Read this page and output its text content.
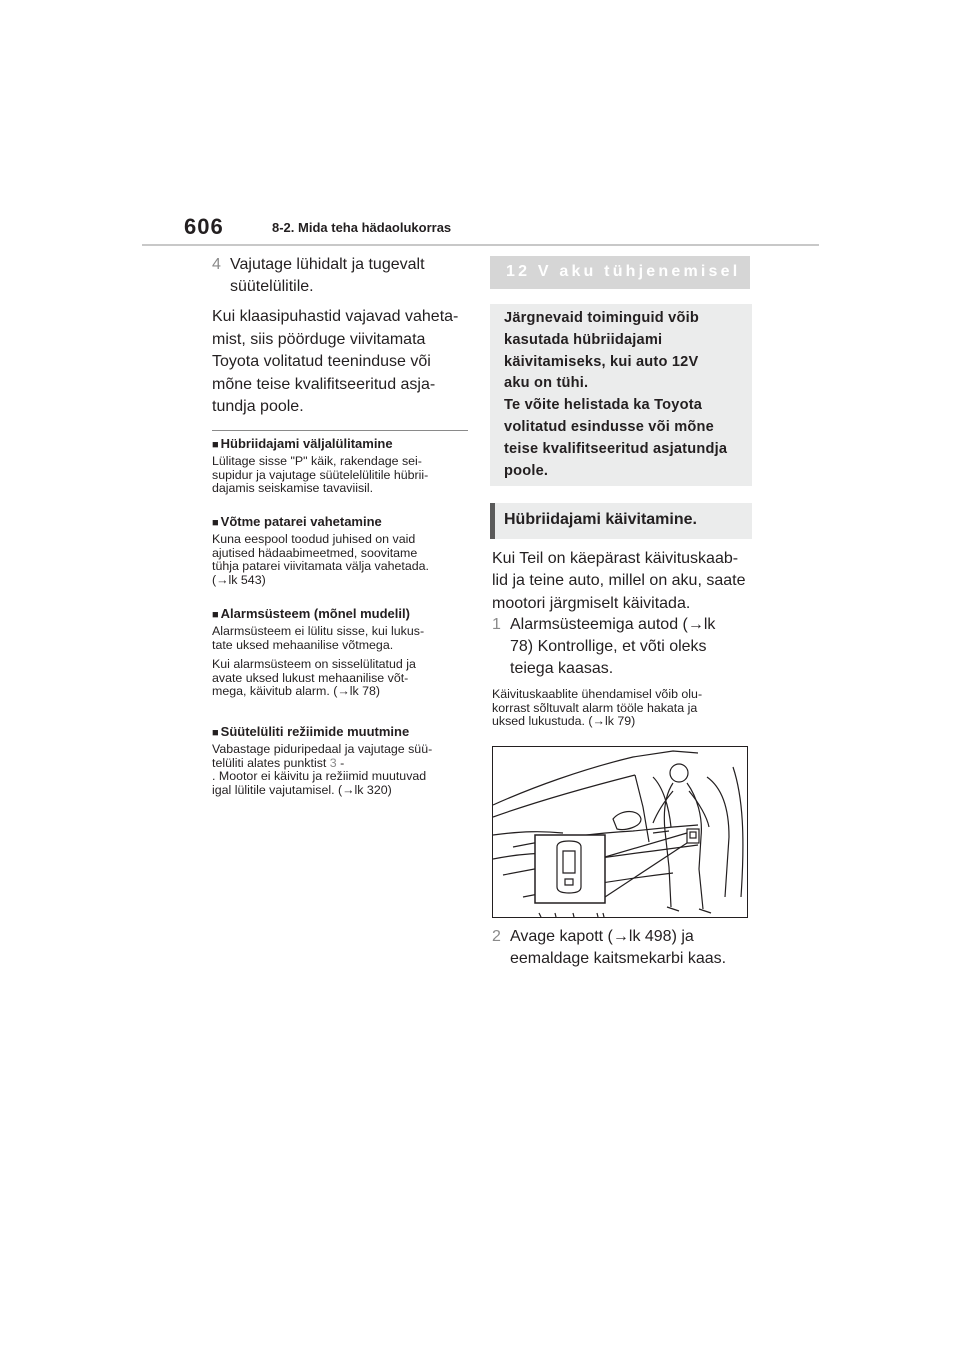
606	8-2. Mida teha hädaolukorras
4 Vajutage lühidalt ja tugevalt süütelülitile.
Kui klaasipuhastid vajavad vaheta-
mist, siis pöörduge viivitamata
Toyota volitatud teeninduse või
mõne teise kvalifitseeritud asja-
tundja poole.
■ Hübriidajami väljalülitamine

Lülitage sisse "P" käik, rakendage sei-
supidur ja vajutage süütelelülitile hübrii-
dajamis seiskamise tavaviisil.

■ Võtme patarei vahetamine

Kuna eespool toodud juhised on vaid
ajutised hädaabimeetmed, soovitame
tühja patarei viivitamata välja vahetada.
(→lk 543)

■ Alarmsüsteem (mõnel mudelil)

Alarmsüsteem ei lülitu sisse, kui lukus-
tate uksed mehaanilise võtmega.

Kui alarmsüsteem on sisselülitatud ja
avate uksed lukust mehaanilise võt-
mega, käivitub alarm. (→lk 78)

■ Süütelüliti režiimide muutmine

Vabastage piduripedaal ja vajutage süü-
telüliti alates punktist 3 -
. Mootor ei käivitu ja režiimid muutuvad
igal lülitile vajutamisel. (→lk 320)

12 V aku tühjenemisel

Järgnevaid toiminguid võib
kasutada hübriidajami
käivitamiseks, kui auto 12V
aku on tühi.
Te võite helistada ka Toyota
volitatud esindusse või mõne
teise kvalifitseeritud asjatundja
poole.

Hübriidajami käivitamine.
Kui Teil on käepärast käivituskaab-
lid ja teine auto, millel on aku, saate
mootori järgmiselt käivitada.
1 Alarmsüsteemiga autod (→lk
78) Kontrollige, et võti oleks
teiega kaasas.
Käivituskaablite ühendamisel võib olu-
korrast sõltuvalt alarm tööle hakata ja
uksed lukustuda. (→lk 79)
2 Avage kapott (→lk 498) ja
eemaldage kaitsmekarbi kaas.
